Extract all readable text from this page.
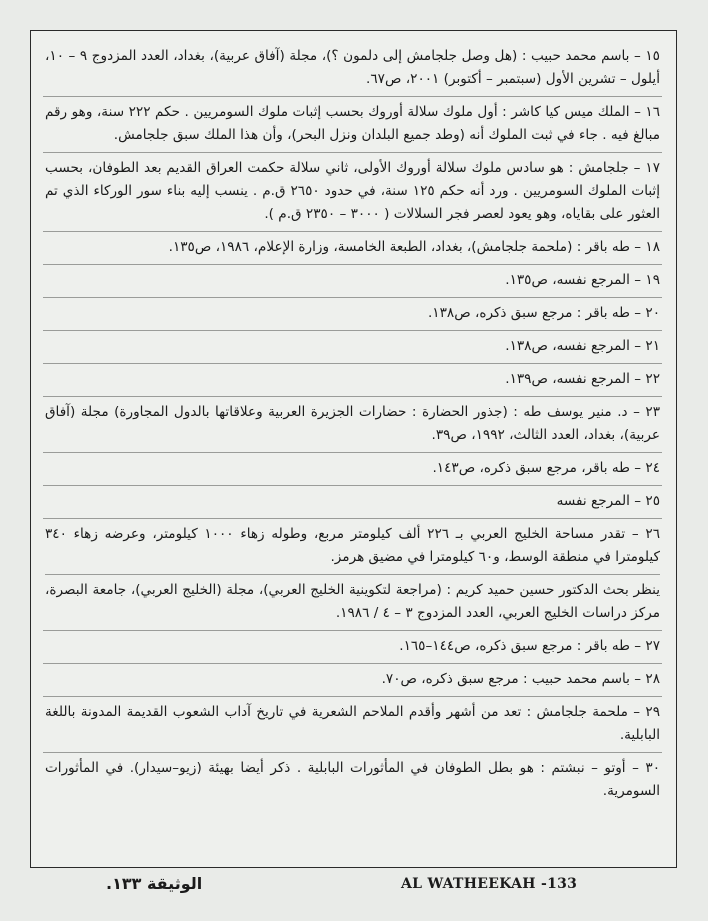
١٥ – باسم محمد حبيب : (هل وصل جلجامش إلى دلمون ؟)، مجلة (آفاق عربية)، بغداد، العدد المزدوج ٩ – ١٠، أيلول – تشرين الأول (سبتمبر – أكتوبر) ٢٠٠١، ص٦٧.
١٦ – الملك ميس كيا كاشر : أول ملوك سلالة أوروك بحسب إثبات ملوك السومريين . حكم ٢٢٢ سنة، وهو رقم مبالغ فيه . جاء في ثبت الملوك أنه (وطد جميع البلدان ونزل البحر)، وأن هذا الملك سبق جلجامش.
١٧ – جلجامش : هو سادس ملوك سلالة أوروك الأولى، ثاني سلالة حكمت العراق القديم بعد الطوفان، بحسب إثبات الملوك السومريين . ورد أنه حكم ١٢٥ سنة، في حدود ٢٦٥٠ ق.م . ينسب إليه بناء سور الوركاء الذي تم العثور على بقاياه، وهو يعود لعصر فجر السلالات ( ٣٠٠٠ – ٢٣٥٠ ق.م ).
١٨ – طه باقر : (ملحمة جلجامش)، بغداد، الطبعة الخامسة، وزارة الإعلام، ١٩٨٦، ص١٣٥.
١٩ – المرجع نفسه، ص١٣٥.
٢٠ – طه باقر : مرجع سبق ذكره، ص١٣٨.
٢١ – المرجع نفسه، ص١٣٨.
٢٢ – المرجع نفسه، ص١٣٩.
٢٣ – د. منير يوسف طه : (جذور الحضارة : حضارات الجزيرة العربية وعلاقاتها بالدول المجاورة) مجلة (آفاق عربية)، بغداد، العدد الثالث، ١٩٩٢، ص٣٩.
٢٤ – طه باقر، مرجع سبق ذكره، ص١٤٣.
٢٥ – المرجع نفسه
٢٦ – تقدر مساحة الخليج العربي بـ ٢٢٦ ألف كيلومتر مربع، وطوله زهاء ١٠٠٠ كيلومتر، وعرضه زهاء ٣٤٠ كيلومترا في منطقة الوسط، و٦٠ كيلومترا في مضيق هرمز.
ينظر بحث الدكتور حسين حميد كريم : (مراجعة لتكوينية الخليج العربي)، مجلة (الخليج العربي)، جامعة البصرة، مركز دراسات الخليج العربي، العدد المزدوج ٣ – ٤ / ١٩٨٦.
٢٧ – طه باقر : مرجع سبق ذكره، ص١٤٤–١٦٥.
٢٨ – باسم محمد حبيب : مرجع سبق ذكره، ص٧٠.
٢٩ – ملحمة جلجامش : تعد من أشهر وأقدم الملاحم الشعرية في تاريخ آداب الشعوب القديمة المدونة باللغة البابلية.
٣٠ – أوتو – نبشتم : هو بطل الطوفان في المأثورات البابلية . ذكر أيضا بهيئة (زيو–سيدار). في المأثورات السومرية.
الوثيقة ١٣٣.	AL WATHEEKAH -133
